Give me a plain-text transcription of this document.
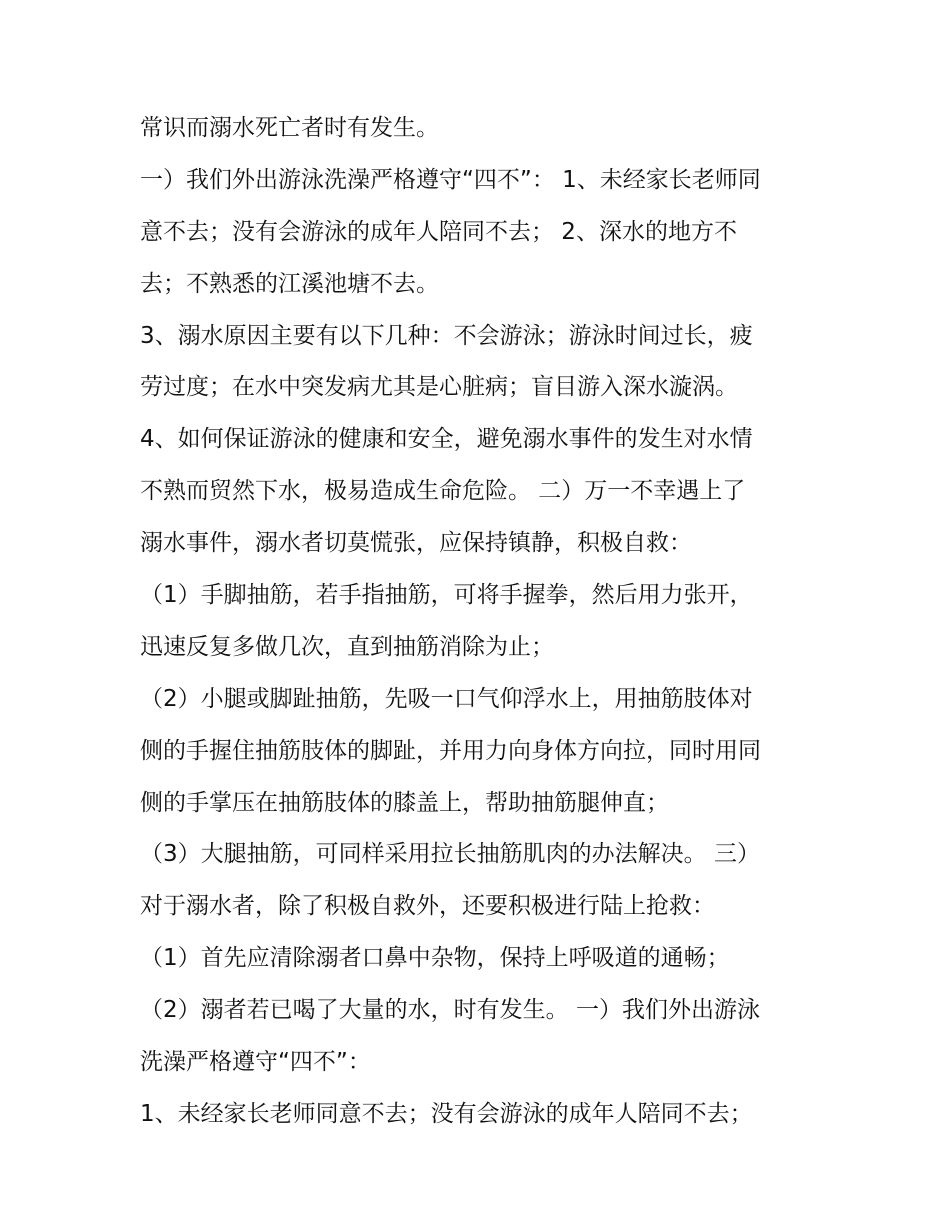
常识而溺水死亡者时有发生。
一）我们外出游泳洗澡严格遵守“四不”： 1、未经家长老师同
意不去；没有会游泳的成年人陪同不去； 2、深水的地方不
去；不熟悉的江溪池塘不去。
3、溺水原因主要有以下几种：不会游泳；游泳时间过长，疲
劳过度；在水中突发病尤其是心脏病；盲目游入深水漩涡。
4、如何保证游泳的健康和安全，避免溺水事件的发生对水情
不熟而贸然下水，极易造成生命危险。 二）万一不幸遇上了
溺水事件，溺水者切莫慌张，应保持镇静，积极自救：
（1）手脚抽筋，若手指抽筋，可将手握拳，然后用力张开，
迅速反复多做几次，直到抽筋消除为止；
（2）小腿或脚趾抽筋，先吸一口气仰浮水上，用抽筋肢体对
侧的手握住抽筋肢体的脚趾，并用力向身体方向拉，同时用同
侧的手掌压在抽筋肢体的膝盖上，帮助抽筋腿伸直；
（3）大腿抽筋，可同样采用拉长抽筋肌肉的办法解决。 三）
对于溺水者，除了积极自救外，还要积极进行陆上抢救：
（1）首先应清除溺者口鼻中杂物，保持上呼吸道的通畅；
（2）溺者若已喝了大量的水，时有发生。 一）我们外出游泳
洗澡严格遵守“四不”：
1、未经家长老师同意不去；没有会游泳的成年人陪同不去；
